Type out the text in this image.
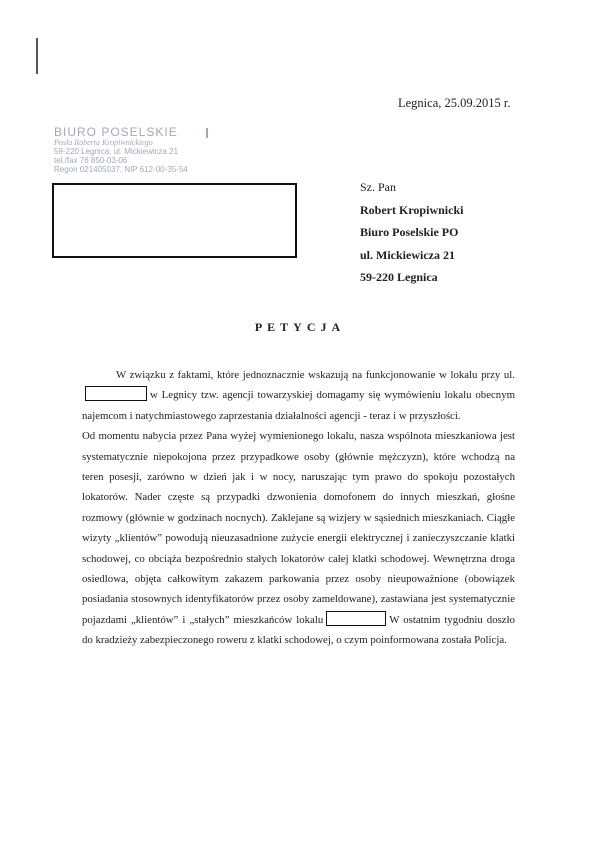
Legnica, 25.09.2015 r.
BIURO POSELSKIE
Posła Roberta Kropiwnickiego
59-220 Legnica, ul. Mickiewicza 21
tel./fax 76 850-03-06
Regon 021405037, NIP 612-00-35-54
Sz. Pan
Robert Kropiwnicki
Biuro Poselskie PO
ul. Mickiewicza 21
59-220 Legnica
PETYCJA

W związku z faktami, które jednoznacznie wskazują na funkcjonowanie w lokalu przy ul.w Legnicy tzw. agencji towarzyskiej domagamy się wymówieniu lokalu obecnym najemcom i natychmiastowego zaprzestania działalności agencji - teraz i w przyszłości.

Od momentu nabycia przez Pana wyżej wymienionego lokalu, nasza wspólnota mieszkaniowa jest systematycznie niepokojona przez przypadkowe osoby (głównie mężczyzn), które wchodzą na teren posesji, zarówno w dzień jak i w nocy, naruszając tym prawo do spokoju pozostałych lokatorów. Nader częste są przypadki dzwonienia domofonem do innych mieszkań, głośne rozmowy (głównie w godzinach nocnych). Zaklejane są wizjery w sąsiednich mieszkaniach. Ciągłe wizyty „klientów” powodują nieuzasadnione zużycie energii elektrycznej i zanieczyszczanie klatki schodowej, co obciąża bezpośrednio stałych lokatorów całej klatki schodowej. Wewnętrzna droga osiedlowa, objęta całkowitym zakazem parkowania przez osoby nieupoważnione (obowiązek posiadania stosownych identyfikatorów przez osoby zameldowane), zastawiana jest systematycznie pojazdami „klientów” i „stałych” mieszkańców lokalu	W ostatnim tygodniu doszło do kradzieży zabezpieczonego roweru z klatki schodowej, o czym poinformowana została Policja.
